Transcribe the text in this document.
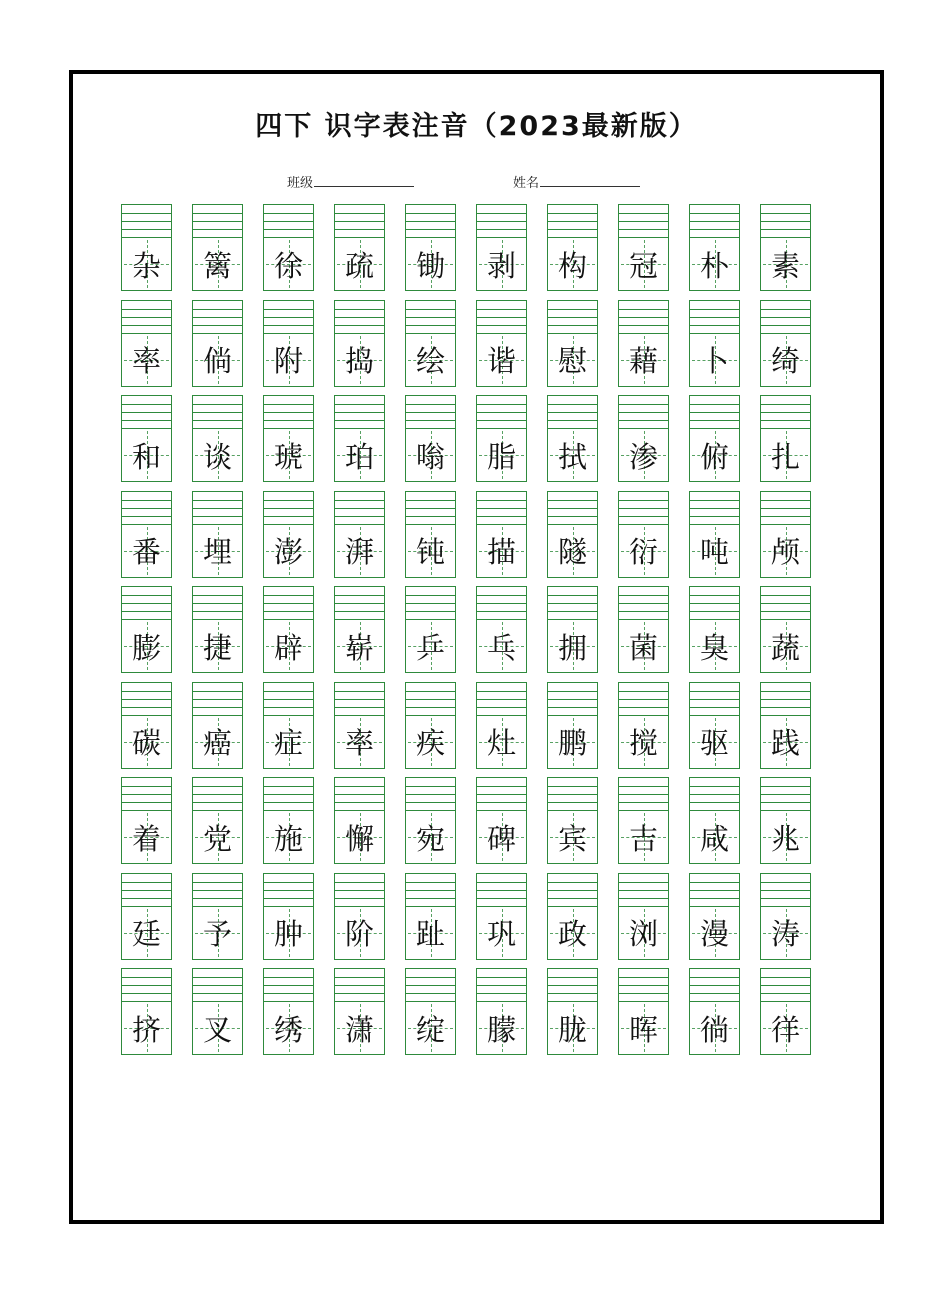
四下 识字表注音（2023最新版）
班级	姓名
杂	篱	徐	疏	锄	剥	构	冠	朴	素
率	倘	附	捣	绘	谐	慰	藉	卜	绮
和	谈	琥	珀	嗡	脂	拭	渗	俯	扎
番	埋	澎	湃	钝	描	隧	衍	吨	颅
膨	捷	辟	崭	乒	乓	拥	菌	臭	蔬
碳	癌	症	率	疾	灶	鹏	搅	驱	践
着	党	施	懈	宛	碑	宾	吉	咸	兆
廷	予	肿	阶	趾	巩	政	浏	漫	涛
挤	叉	绣	潇	绽	朦	胧	晖	徜	徉
